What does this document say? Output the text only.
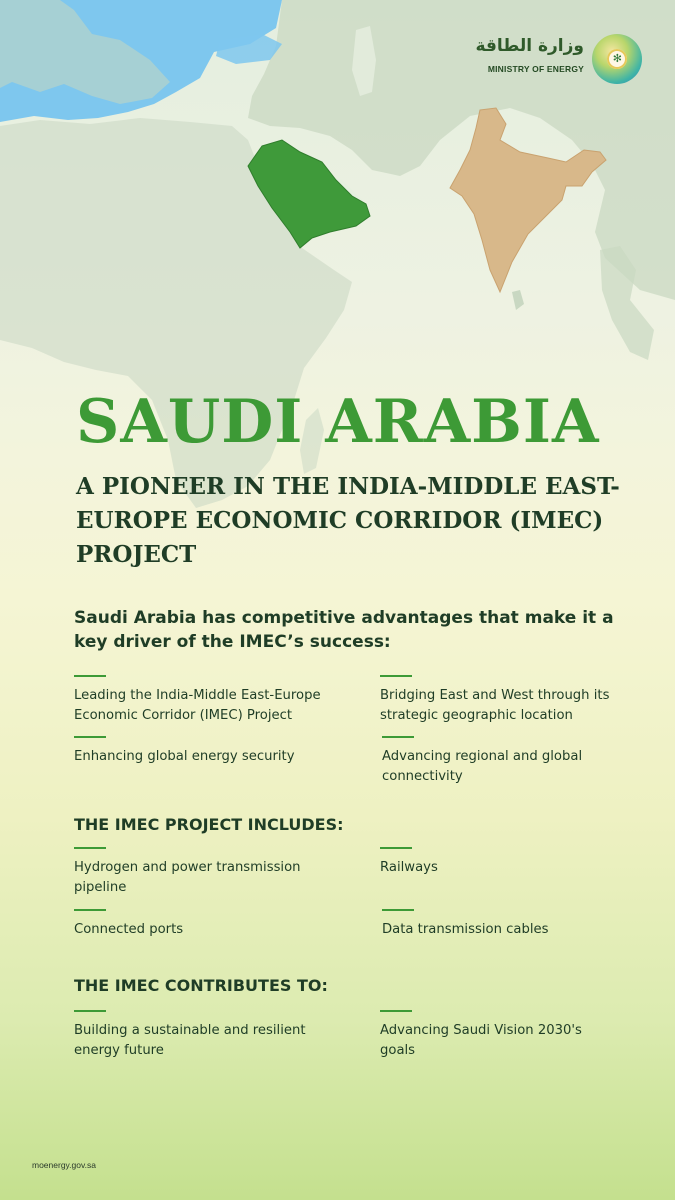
وزارة الطاقة
MINISTRY OF ENERGY
✻
SAUDI ARABIA
A PIONEER IN THE INDIA-MIDDLE EAST-EUROPE ECONOMIC CORRIDOR (IMEC) PROJECT

Saudi Arabia has competitive advantages that make it a key driver of the IMEC’s success:

Leading the India-Middle East-Europe Economic Corridor (IMEC) Project
Bridging East and West through its strategic geographic location
Enhancing global energy security	Advancing regional and global connectivity
THE IMEC PROJECT INCLUDES:
Hydrogen and power transmission pipeline
Railways
Connected ports	Data transmission cables
THE IMEC CONTRIBUTES TO:
Building a sustainable and resilient energy future
Advancing Saudi Vision 2030's goals
moenergy.gov.sa
